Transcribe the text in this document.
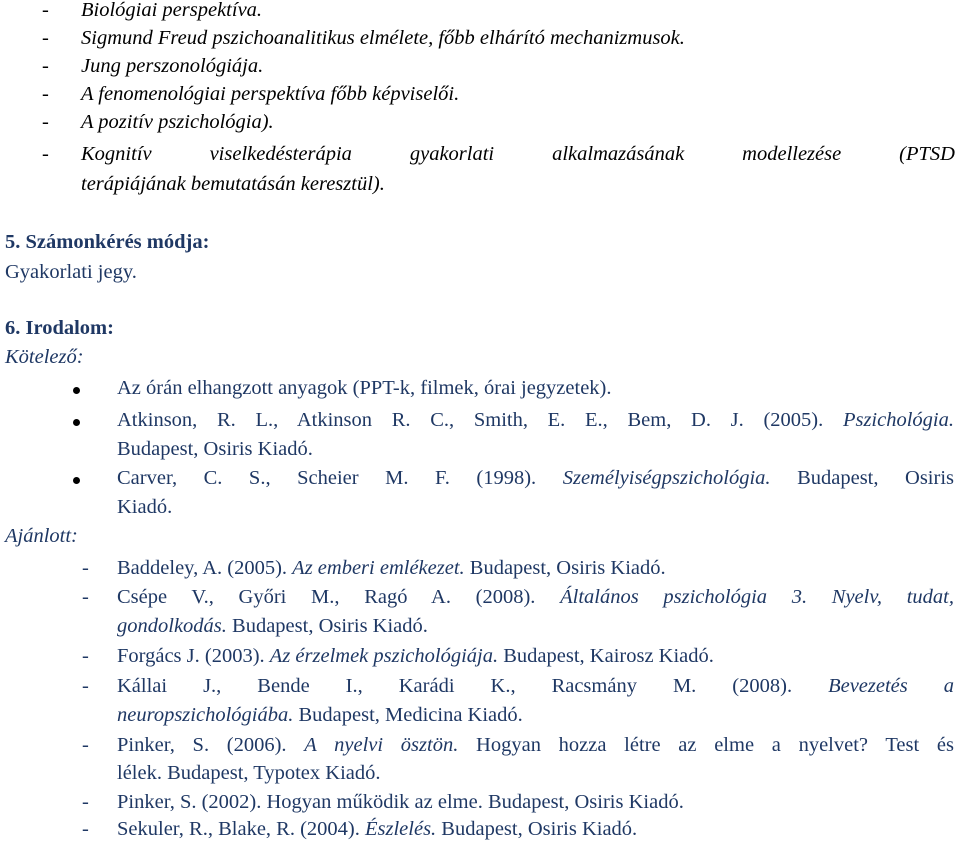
- Biológiai perspektíva.
- Sigmund Freud pszichoanalitikus elmélete, főbb elhárító mechanizmusok.
- Jung perszonológiája.
- A fenomenológiai perspektíva főbb képviselői.
- A pozitív pszichológia).
- Kognitív viselkedésterápia gyakorlati alkalmazásának modellezése (PTSD
terápiájának bemutatásán keresztül).
5. Számonkérés módja:
Gyakorlati jegy.
6. Irodalom:
Kötelező:
Az órán elhangzott anyagok (PPT-k, filmek, órai jegyzetek).
Atkinson, R. L., Atkinson R. C., Smith, E. E., Bem, D. J. (2005). Pszichológia.
Budapest, Osiris Kiadó.
Carver, C. S., Scheier M. F. (1998). Személyiségpszichológia. Budapest, Osiris
Kiadó.
Ajánlott:
- Baddeley, A. (2005). Az emberi emlékezet. Budapest, Osiris Kiadó.
- Csépe V., Győri M., Ragó A. (2008). Általános pszichológia 3. Nyelv, tudat,
gondolkodás. Budapest, Osiris Kiadó.
- Forgács J. (2003). Az érzelmek pszichológiája. Budapest, Kairosz Kiadó.
- Kállai J., Bende I., Karádi K., Racsmány M. (2008). Bevezetés a
neuropszichológiába. Budapest, Medicina Kiadó.
- Pinker, S. (2006). A nyelvi ösztön. Hogyan hozza létre az elme a nyelvet? Test és
lélek. Budapest, Typotex Kiadó.
- Pinker, S. (2002). Hogyan működik az elme. Budapest, Osiris Kiadó.
- Sekuler, R., Blake, R. (2004). Észlelés. Budapest, Osiris Kiadó.
